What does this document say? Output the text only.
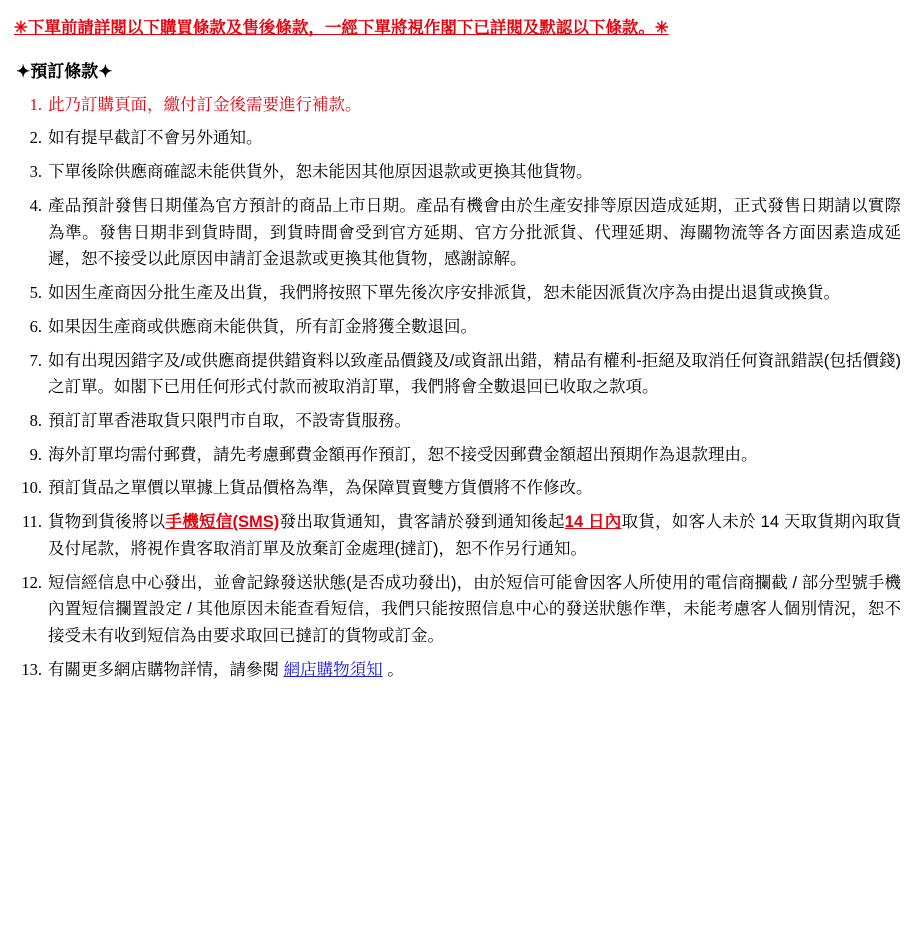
✳下單前請詳閱以下購買條款及售後條款，一經下單將視作閣下已詳閱及默認以下條款。✳
✦預訂條款✦
1. 此乃訂購頁面，繳付訂金後需要進行補款。
2. 如有提早截訂不會另外通知。
3. 下單後除供應商確認未能供貨外，恕未能因其他原因退款或更換其他貨物。
4. 產品預計發售日期僅為官方預計的商品上市日期。產品有機會由於生產安排等原因造成延期，正式發售日期請以實際為準。發售日期非到貨時間，到貨時間會受到官方延期、官方分批派貨、代理延期、海關物流等各方面因素造成延遲，恕不接受以此原因申請訂金退款或更換其他貨物，感謝諒解。
5. 如因生產商因分批生產及出貨，我們將按照下單先後次序安排派貨，恕未能因派貨次序為由提出退貨或換貨。
6. 如果因生產商或供應商未能供貨，所有訂金將獲全數退回。
7. 如有出現因錯字及/或供應商提供錯資料以致產品價錢及/或資訊出錯，精品有權利-拒絕及取消任何資訊錯誤(包括價錢)之訂單。如閣下已用任何形式付款而被取消訂單，我們將會全數退回已收取之款項。
8. 預訂訂單香港取貨只限門市自取，不設寄貨服務。
9. 海外訂單均需付郵費，請先考慮郵費金額再作預訂，恕不接受因郵費金額超出預期作為退款理由。
10. 預訂貨品之單價以單據上貨品價格為準，為保障買賣雙方貨價將不作修改。
11. 貨物到貨後將以手機短信(SMS)發出取貨通知，貴客請於發到通知後起14 日內取貨，如客人未於 14 天取貨期內取貨及付尾款，將視作貴客取消訂單及放棄訂金處理(撻訂)，恕不作另行通知。
12. 短信經信息中心發出，並會記錄發送狀態(是否成功發出)，由於短信可能會因客人所使用的電信商攔截 / 部分型號手機內置短信攔置設定 / 其他原因未能查看短信，我們只能按照信息中心的發送狀態作準，未能考慮客人個別情況，恕不接受未有收到短信為由要求取回已撻訂的貨物或訂金。
13. 有關更多網店購物詳情，請參閱 網店購物須知 。
